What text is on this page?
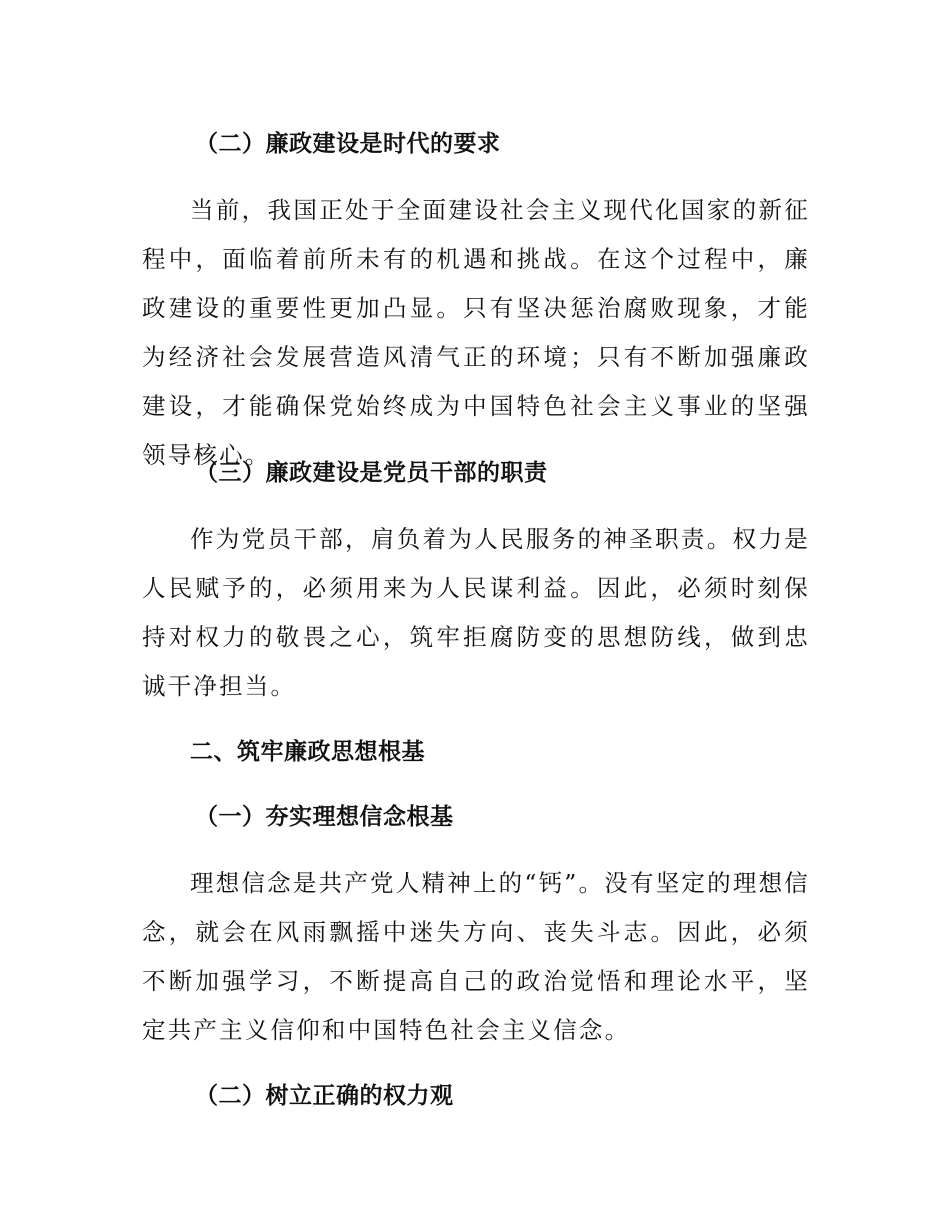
（二）廉政建设是时代的要求
当前，我国正处于全面建设社会主义现代化国家的新征程中，面临着前所未有的机遇和挑战。在这个过程中，廉政建设的重要性更加凸显。只有坚决惩治腐败现象，才能为经济社会发展营造风清气正的环境；只有不断加强廉政建设，才能确保党始终成为中国特色社会主义事业的坚强领导核心。
（三）廉政建设是党员干部的职责
作为党员干部，肩负着为人民服务的神圣职责。权力是人民赋予的，必须用来为人民谋利益。因此，必须时刻保持对权力的敬畏之心，筑牢拒腐防变的思想防线，做到忠诚干净担当。
二、筑牢廉政思想根基
（一）夯实理想信念根基
理想信念是共产党人精神上的“钙”。没有坚定的理想信念，就会在风雨飘摇中迷失方向、丧失斗志。因此，必须不断加强学习，不断提高自己的政治觉悟和理论水平，坚定共产主义信仰和中国特色社会主义信念。
（二）树立正确的权力观
